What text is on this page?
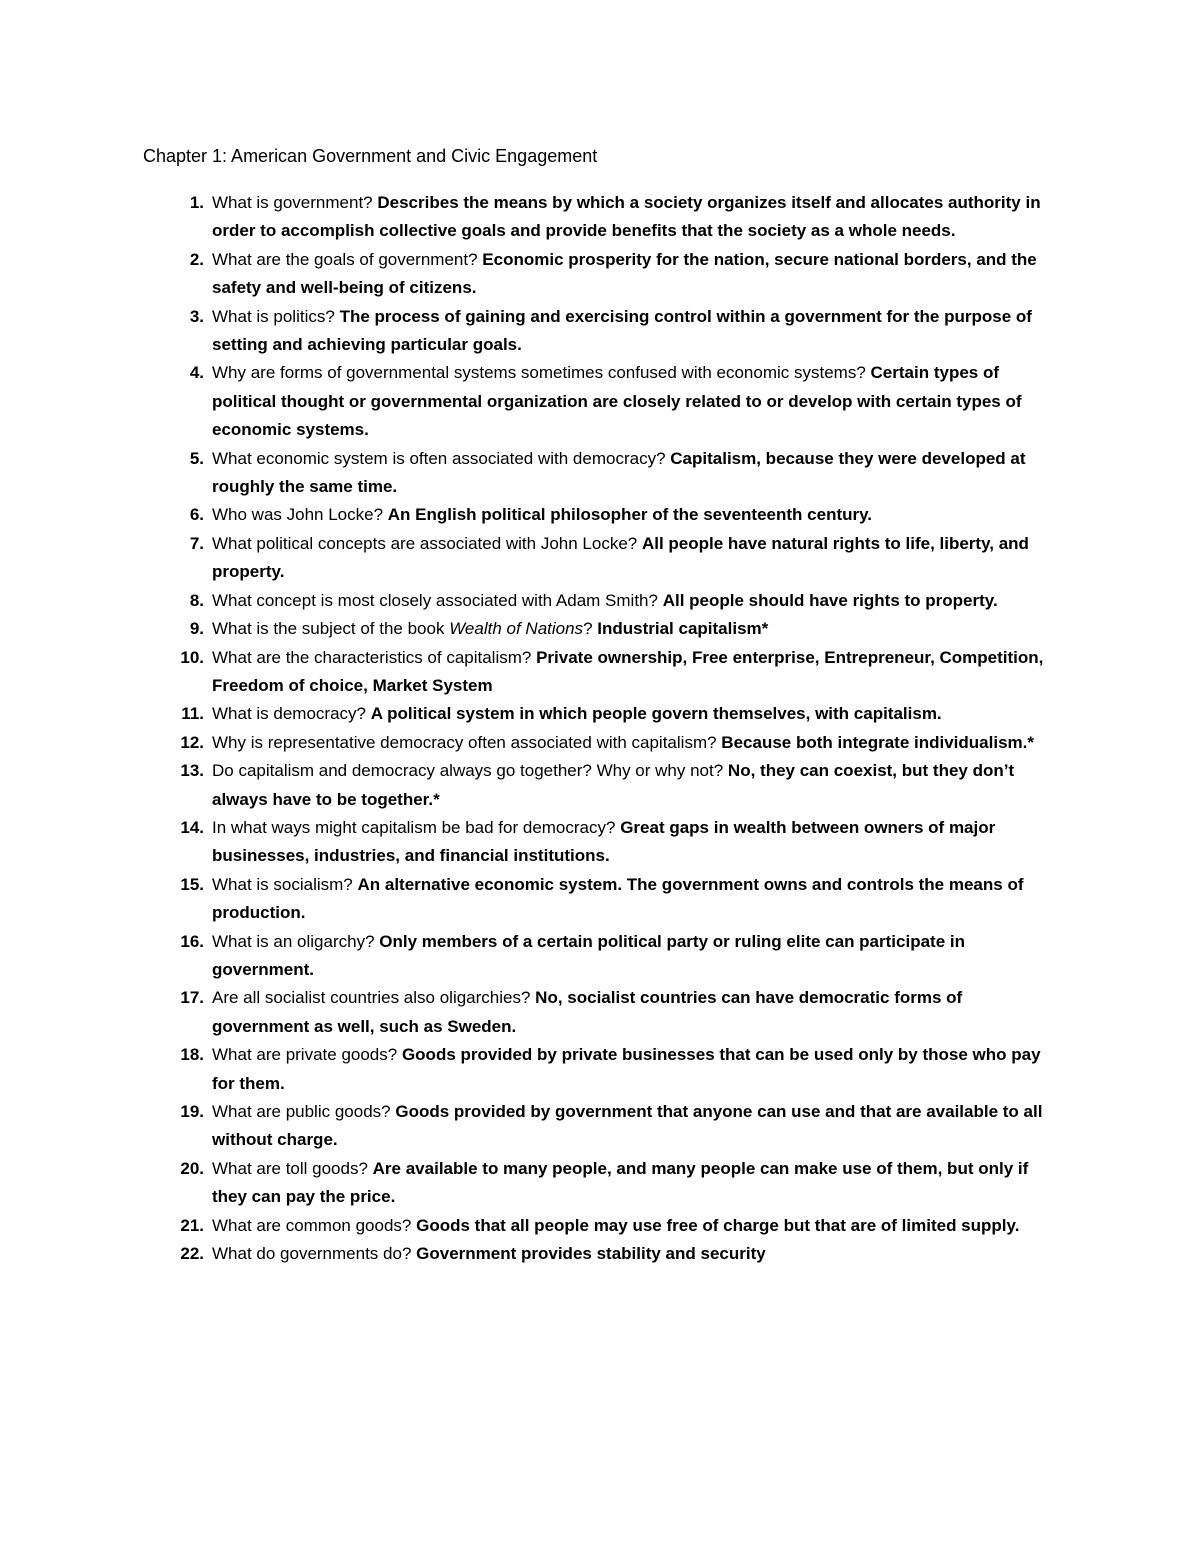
Chapter 1: American Government and Civic Engagement
1. What is government? Describes the means by which a society organizes itself and allocates authority in order to accomplish collective goals and provide benefits that the society as a whole needs.
2. What are the goals of government? Economic prosperity for the nation, secure national borders, and the safety and well-being of citizens.
3. What is politics? The process of gaining and exercising control within a government for the purpose of setting and achieving particular goals.
4. Why are forms of governmental systems sometimes confused with economic systems? Certain types of political thought or governmental organization are closely related to or develop with certain types of economic systems.
5. What economic system is often associated with democracy? Capitalism, because they were developed at roughly the same time.
6. Who was John Locke? An English political philosopher of the seventeenth century.
7. What political concepts are associated with John Locke? All people have natural rights to life, liberty, and property.
8. What concept is most closely associated with Adam Smith? All people should have rights to property.
9. What is the subject of the book Wealth of Nations? Industrial capitalism*
10. What are the characteristics of capitalism? Private ownership, Free enterprise, Entrepreneur, Competition, Freedom of choice, Market System
11. What is democracy? A political system in which people govern themselves, with capitalism.
12. Why is representative democracy often associated with capitalism? Because both integrate individualism.*
13. Do capitalism and democracy always go together? Why or why not? No, they can coexist, but they don’t always have to be together.*
14. In what ways might capitalism be bad for democracy? Great gaps in wealth between owners of major businesses, industries, and financial institutions.
15. What is socialism? An alternative economic system. The government owns and controls the means of production.
16. What is an oligarchy? Only members of a certain political party or ruling elite can participate in government.
17. Are all socialist countries also oligarchies? No, socialist countries can have democratic forms of government as well, such as Sweden.
18. What are private goods? Goods provided by private businesses that can be used only by those who pay for them.
19. What are public goods? Goods provided by government that anyone can use and that are available to all without charge.
20. What are toll goods? Are available to many people, and many people can make use of them, but only if they can pay the price.
21. What are common goods? Goods that all people may use free of charge but that are of limited supply.
22. What do governments do? Government provides stability and security
